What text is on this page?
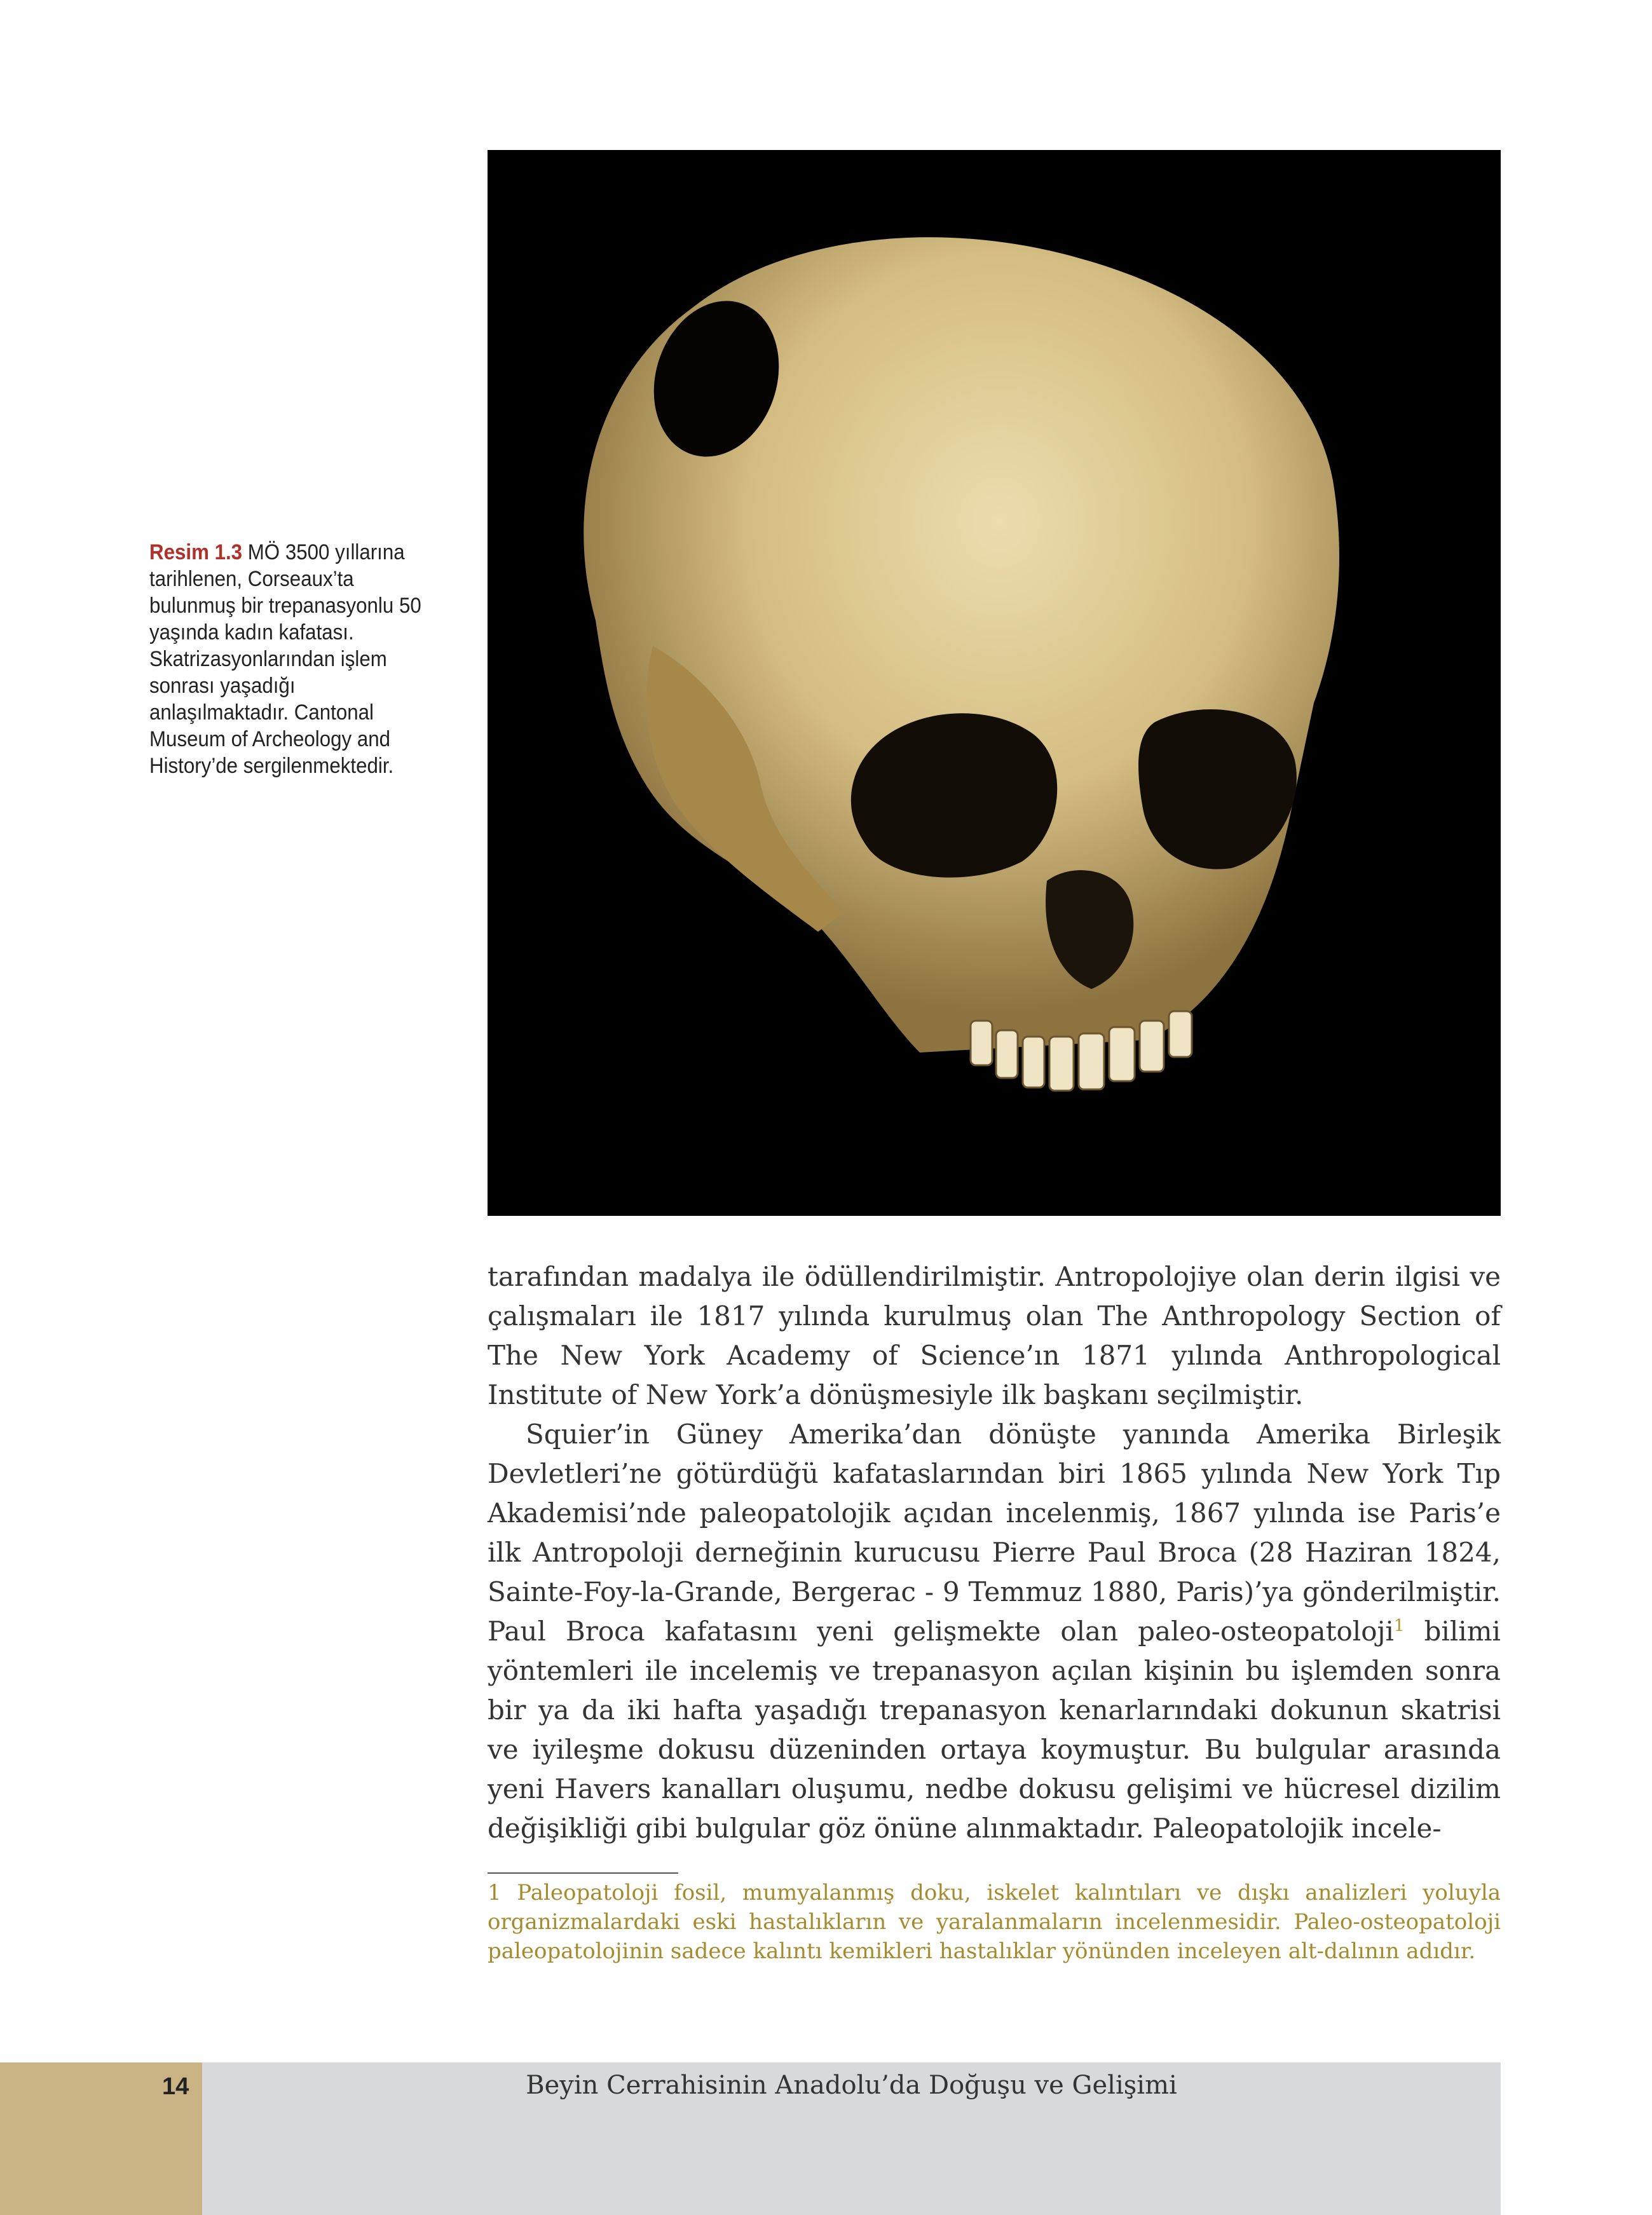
Resim 1.3 MÖ 3500 yıllarına tarihlenen, Corseaux’ta bulunmuş bir trepanasyonlu 50 yaşında kadın kafatası. Skatrizasyonlarından işlem sonrası yaşadığı anlaşılmaktadır. Cantonal Museum of Archeology and History’de sergilenmektedir.

tarafından madalya ile ödüllendirilmiştir. Antropolojiye olan derin ilgisi ve çalışmaları ile 1817 yılında kurulmuş olan The Anthropology Section of The New York Academy of Science’ın 1871 yılında Anthropological Institute of New York’a dönüşmesiyle ilk başkanı seçilmiştir.

Squier’in Güney Amerika’dan dönüşte yanında Amerika Birleşik Devletleri’ne götürdüğü kafataslarından biri 1865 yılında New York Tıp Akademisi’nde paleopatolojik açıdan incelenmiş, 1867 yılında ise Paris’e ilk Antropoloji derneğinin kurucusu Pierre Paul Broca (28 Haziran 1824, Sainte-Foy-la-Grande, Bergerac - 9 Temmuz 1880, Paris)’ya gönderilmiştir. Paul Broca kafatasını yeni gelişmekte olan paleo-osteopatoloji$^1$ bilimi yöntemleri ile incelemiş ve trepanasyon açılan kişinin bu işlemden sonra bir ya da iki hafta yaşadığı trepanasyon kenarlarındaki dokunun skatrisi ve iyileşme dokusu düzeninden ortaya koymuştur. Bu bulgular arasında yeni Havers kanalları oluşumu, nedbe dokusu gelişimi ve hücresel dizilim değişikliği gibi bulgular göz önüne alınmaktadır. Paleopatolojik incele-

1 Paleopatoloji fosil, mumyalanmış doku, iskelet kalıntıları ve dışkı analizleri yoluyla organizmalardaki eski hastalıkların ve yaralanmaların incelenmesidir. Paleo-osteopatoloji paleopatolojinin sadece kalıntı kemikleri hastalıklar yönünden inceleyen alt-dalının adıdır.
14	Beyin Cerrahisinin Anadolu’da Doğuşu ve Gelişimi
